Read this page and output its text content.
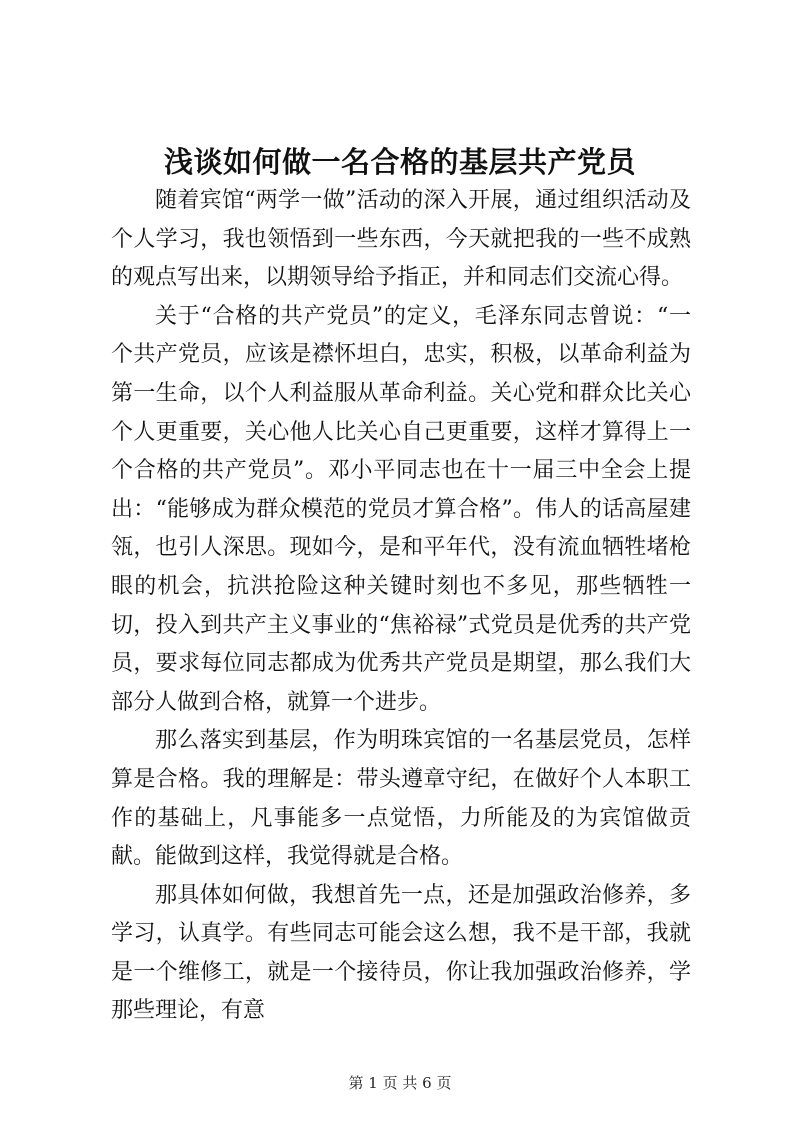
浅谈如何做一名合格的基层共产党员

随着宾馆“两学一做”活动的深入开展，通过组织活动及个人学习，我也领悟到一些东西，今天就把我的一些不成熟的观点写出来，以期领导给予指正，并和同志们交流心得。

关于“合格的共产党员”的定义，毛泽东同志曾说：“一个共产党员，应该是襟怀坦白，忠实，积极，以革命利益为第一生命，以个人利益服从革命利益。关心党和群众比关心个人更重要，关心他人比关心自己更重要，这样才算得上一个合格的共产党员”。邓小平同志也在十一届三中全会上提出：“能够成为群众模范的党员才算合格”。伟人的话高屋建瓴，也引人深思。现如今，是和平年代，没有流血牺牲堵枪眼的机会，抗洪抢险这种关键时刻也不多见，那些牺牲一切，投入到共产主义事业的“焦裕禄”式党员是优秀的共产党员，要求每位同志都成为优秀共产党员是期望，那么我们大部分人做到合格，就算一个进步。

那么落实到基层，作为明珠宾馆的一名基层党员，怎样算是合格。我的理解是：带头遵章守纪，在做好个人本职工作的基础上，凡事能多一点觉悟，力所能及的为宾馆做贡献。能做到这样，我觉得就是合格。

那具体如何做，我想首先一点，还是加强政治修养，多学习，认真学。有些同志可能会这么想，我不是干部，我就是一个维修工，就是一个接待员，你让我加强政治修养，学那些理论，有意

第 1 页 共 6 页
